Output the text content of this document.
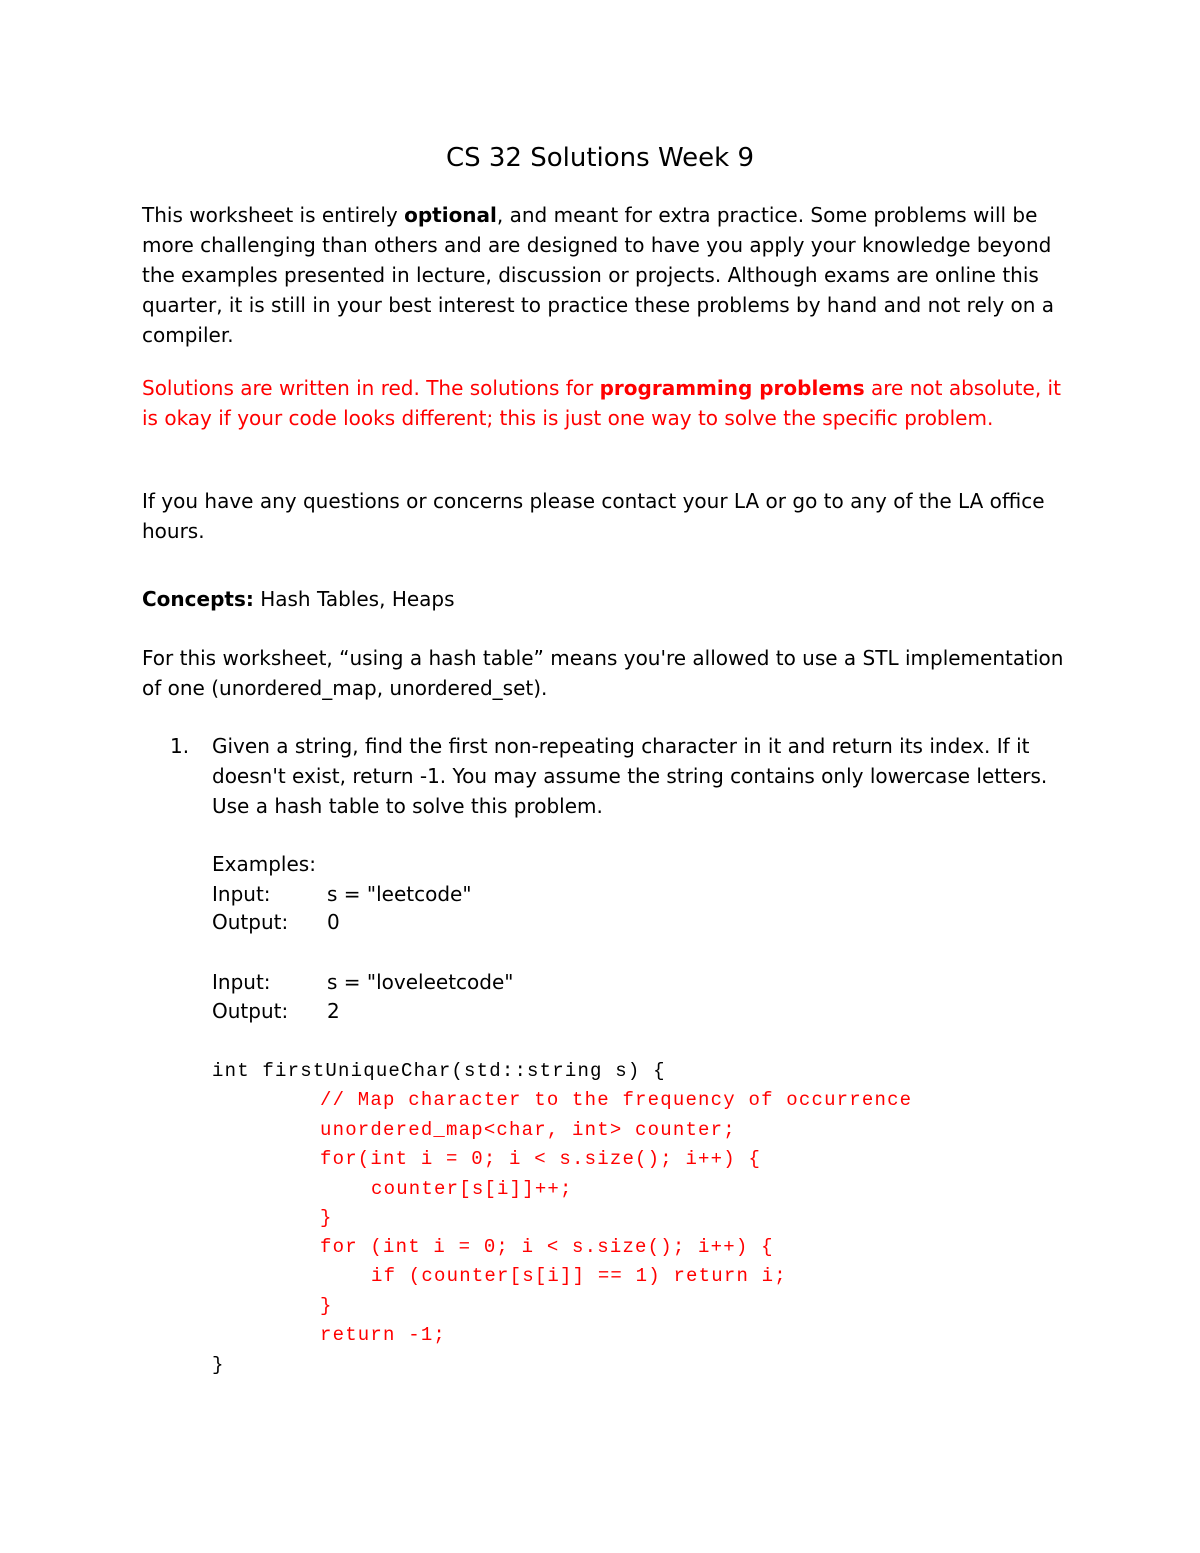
CS 32 Solutions Week 9
This worksheet is entirely optional, and meant for extra practice. Some problems will be more challenging than others and are designed to have you apply your knowledge beyond the examples presented in lecture, discussion or projects. Although exams are online this quarter, it is still in your best interest to practice these problems by hand and not rely on a compiler.
Solutions are written in red. The solutions for programming problems are not absolute, it is okay if your code looks different; this is just one way to solve the specific problem.
If you have any questions or concerns please contact your LA or go to any of the LA office hours.
Concepts: Hash Tables, Heaps
For this worksheet, “using a hash table” means you're allowed to use a STL implementation of one (unordered_map, unordered_set).
1. Given a string, find the first non-repeating character in it and return its index. If it doesn't exist, return -1. You may assume the string contains only lowercase letters. Use a hash table to solve this problem.
Examples:
Input:	s = "leetcode"
Output: 0
Input:	s = "loveleetcode"
Output: 2
int firstUniqueChar(std::string s) {
// Map character to the frequency of occurrence
unordered_map<char, int> counter;
for(int i = 0; i < s.size(); i++) {
counter[s[i]]++;
}
for (int i = 0; i < s.size(); i++) {
if (counter[s[i]] == 1) return i;
}
return -1;
}
